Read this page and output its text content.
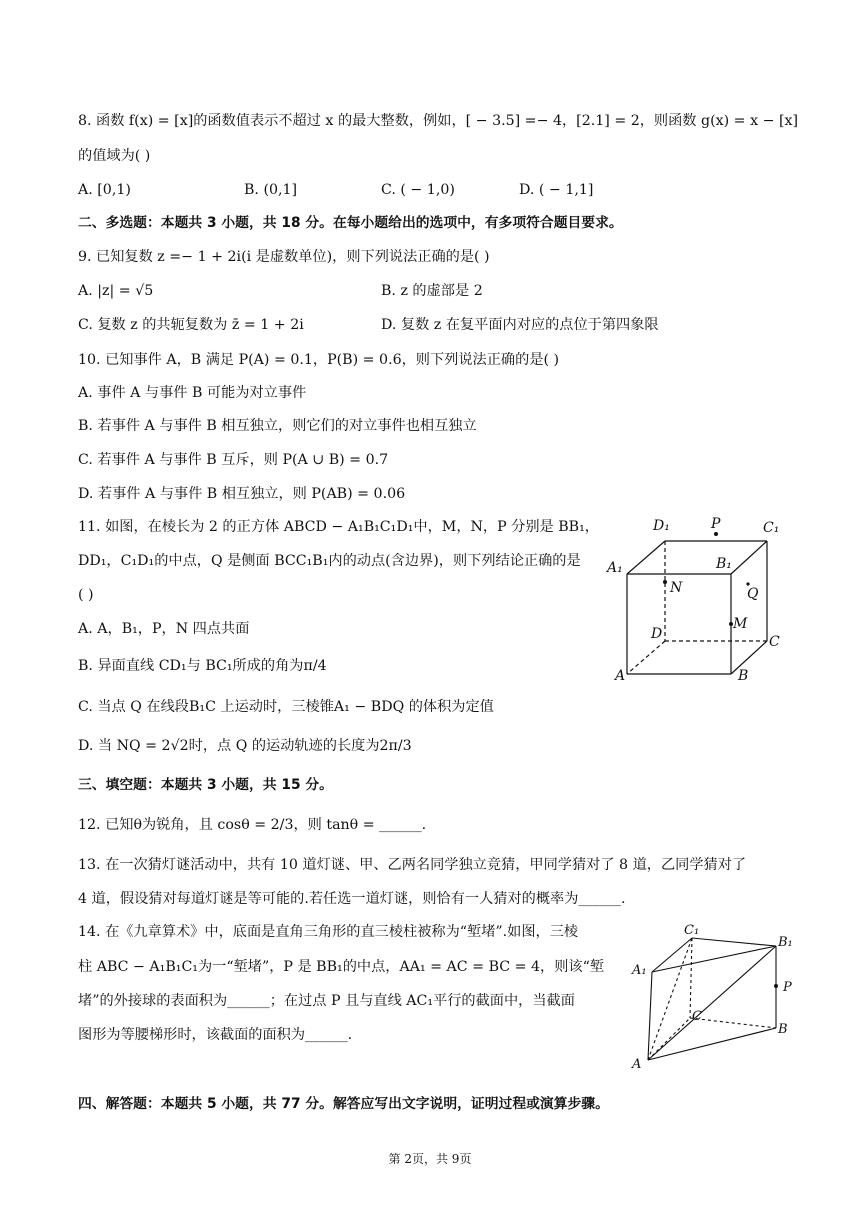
8. 函数 f(x) = [x]的函数值表示不超过 x 的最大整数，例如，[ − 3.5] =− 4，[2.1] = 2，则函数 g(x) = x − [x]
的值域为( )
A. [0,1)	B. (0,1]	C. ( − 1,0)	D. ( − 1,1]
二、多选题：本题共 3 小题，共 18 分。在每小题给出的选项中，有多项符合题目要求。
9. 已知复数 z =− 1 + 2i(i 是虚数单位)，则下列说法正确的是( )
A. |z| = √5	B. z 的虚部是 2
C. 复数 z 的共轭复数为 z̄ = 1 + 2i	D. 复数 z 在复平面内对应的点位于第四象限
10. 已知事件 A，B 满足 P(A) = 0.1，P(B) = 0.6，则下列说法正确的是( )
A. 事件 A 与事件 B 可能为对立事件
B. 若事件 A 与事件 B 相互独立，则它们的对立事件也相互独立
C. 若事件 A 与事件 B 互斥，则 P(A ∪ B) = 0.7
D. 若事件 A 与事件 B 相互独立，则 P(AB) = 0.06
11. 如图，在棱长为 2 的正方体 ABCD − A₁B₁C₁D₁中，M，N，P 分别是 BB₁，
DD₁，C₁D₁的中点，Q 是侧面 BCC₁B₁内的动点(含边界)，则下列结论正确的是
( )
A. A，B₁，P，N 四点共面
B. 异面直线 CD₁与 BC₁所成的角为π/4
C. 当点 Q 在线段B₁C 上运动时，三棱锥A₁ − BDQ 的体积为定值
D. 当 NQ = 2√2时，点 Q 的运动轨迹的长度为2π/3
D₁	P	C₁
A₁	B₁
N	Q
D
M
C
A	B
三、填空题：本题共 3 小题，共 15 分。
12. 已知θ为锐角，且 cosθ = 2/3，则 tanθ = ______.
13. 在一次猜灯谜活动中，共有 10 道灯谜、甲、乙两名同学独立竞猜，甲同学猜对了 8 道，乙同学猜对了
4 道，假设猜对每道灯谜是等可能的.若任选一道灯谜，则恰有一人猜对的概率为______.
14. 在《九章算术》中，底面是直角三角形的直三棱柱被称为“堑堵”.如图，三棱
柱 ABC − A₁B₁C₁为一“堑堵”，P 是 BB₁的中点，AA₁ = AC = BC = 4，则该“堑
堵”的外接球的表面积为______；在过点 P 且与直线 AC₁平行的截面中，当截面
图形为等腰梯形时，该截面的面积为______.
C₁
B₁
A₁
P
C
B
A
四、解答题：本题共 5 小题，共 77 分。解答应写出文字说明，证明过程或演算步骤。
第 2页，共 9页
